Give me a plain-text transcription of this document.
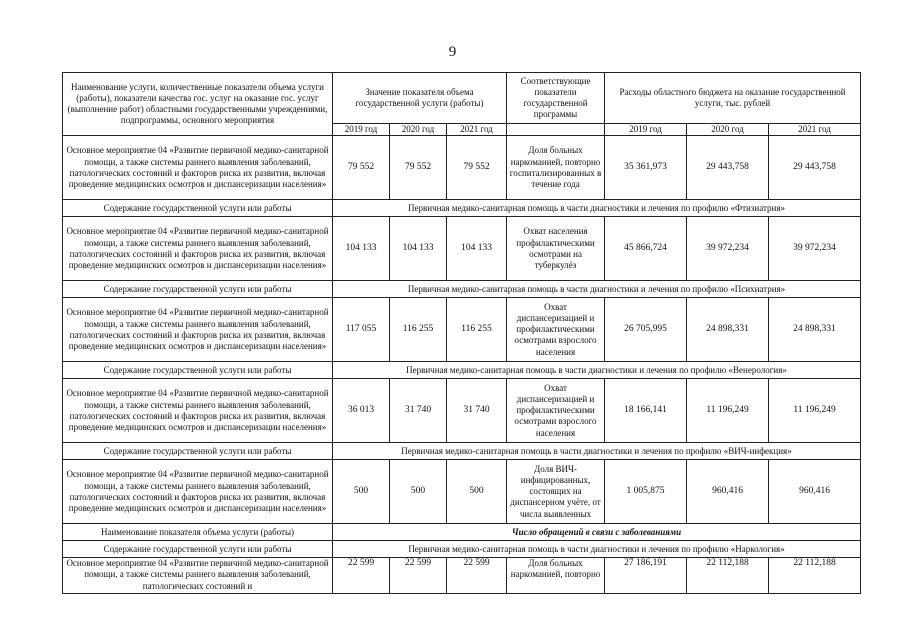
9
Наименование услуги, количественные показатели объема услуги (работы), показатели качества гос. услуг на оказание гос. услуг (выполнение работ) областными государственными учреждениями, подпрограммы, основного мероприятия	Значение показателя объема государственной услуги (работы)			Соответствующие показатели государственной программы	Расходы областного бюджета на оказание государственной услуги, тыс. рублей		
	2019 год	2020 год	2021 год		2019 год	2020 год	2021 год
Основное мероприятие 04 «Развитие первичной медико-санитарной помощи, а также системы раннего выявления заболеваний, патологических состояний и факторов риска их развития, включая проведение медицинских осмотров и диспансеризации населения»	79 552	79 552	79 552	Доля больных наркоманией, повторно госпитализированных в течение года	35 361,973	29 443,758	29 443,758
Содержание государственной услуги или работы	Первичная медико-санитарная помощь в части диагностики и лечения по профилю «Фтизиатрия»						
Основное мероприятие 04 «Развитие первичной медико-санитарной помощи, а также системы раннего выявления заболеваний, патологических состояний и факторов риска их развития, включая проведение медицинских осмотров и диспансеризации населения»	104 133	104 133	104 133	Охват населения профилактическими осмотрами на туберкулёз	45 866,724	39 972,234	39 972,234
Содержание государственной услуги или работы	Первичная медико-санитарная помощь в части диагностики и лечения по профилю «Психиатрия»						
Основное мероприятие 04 «Развитие первичной медико-санитарной помощи, а также системы раннего выявления заболеваний, патологических состояний и факторов риска их развития, включая проведение медицинских осмотров и диспансеризации населения»	117 055	116 255	116 255	Охват диспансеризацией и профилактическими осмотрами взрослого населения	26 705,995	24 898,331	24 898,331
Содержание государственной услуги или работы	Первичная медико-санитарная помощь в части диагностики и лечения по профилю «Венерология»						
Основное мероприятие 04 «Развитие первичной медико-санитарной помощи, а также системы раннего выявления заболеваний, патологических состояний и факторов риска их развития, включая проведение медицинских осмотров и диспансеризации населения»	36 013	31 740	31 740	Охват диспансеризацией и профилактическими осмотрами взрослого населения	18 166,141	11 196,249	11 196,249
Содержание государственной услуги или работы	Первичная медико-санитарная помощь в части диагностики и лечения по профилю «ВИЧ-инфекция»						
Основное мероприятие 04 «Развитие первичной медико-санитарной помощи, а также системы раннего выявления заболеваний, патологических состояний и факторов риска их развития, включая проведение медицинских осмотров и диспансеризации населения»	500	500	500	Доля ВИЧ-инфицированных, состоящих на диспансерном учёте, от числа выявленных	1 005,875	960,416	960,416
Наименование показателя объема услуги (работы)	Число обращений в связи с заболеваниями						
Содержание государственной услуги или работы	Первичная медико-санитарная помощь в части диагностики и лечения по профилю «Наркология»						
Основное мероприятие 04 «Развитие первичной медико-санитарной помощи, а также системы раннего выявления заболеваний, патологических состояний и	22 599	22 599	22 599	Доля больных наркоманией, повторно	27 186,191	22 112,188	22 112,188
